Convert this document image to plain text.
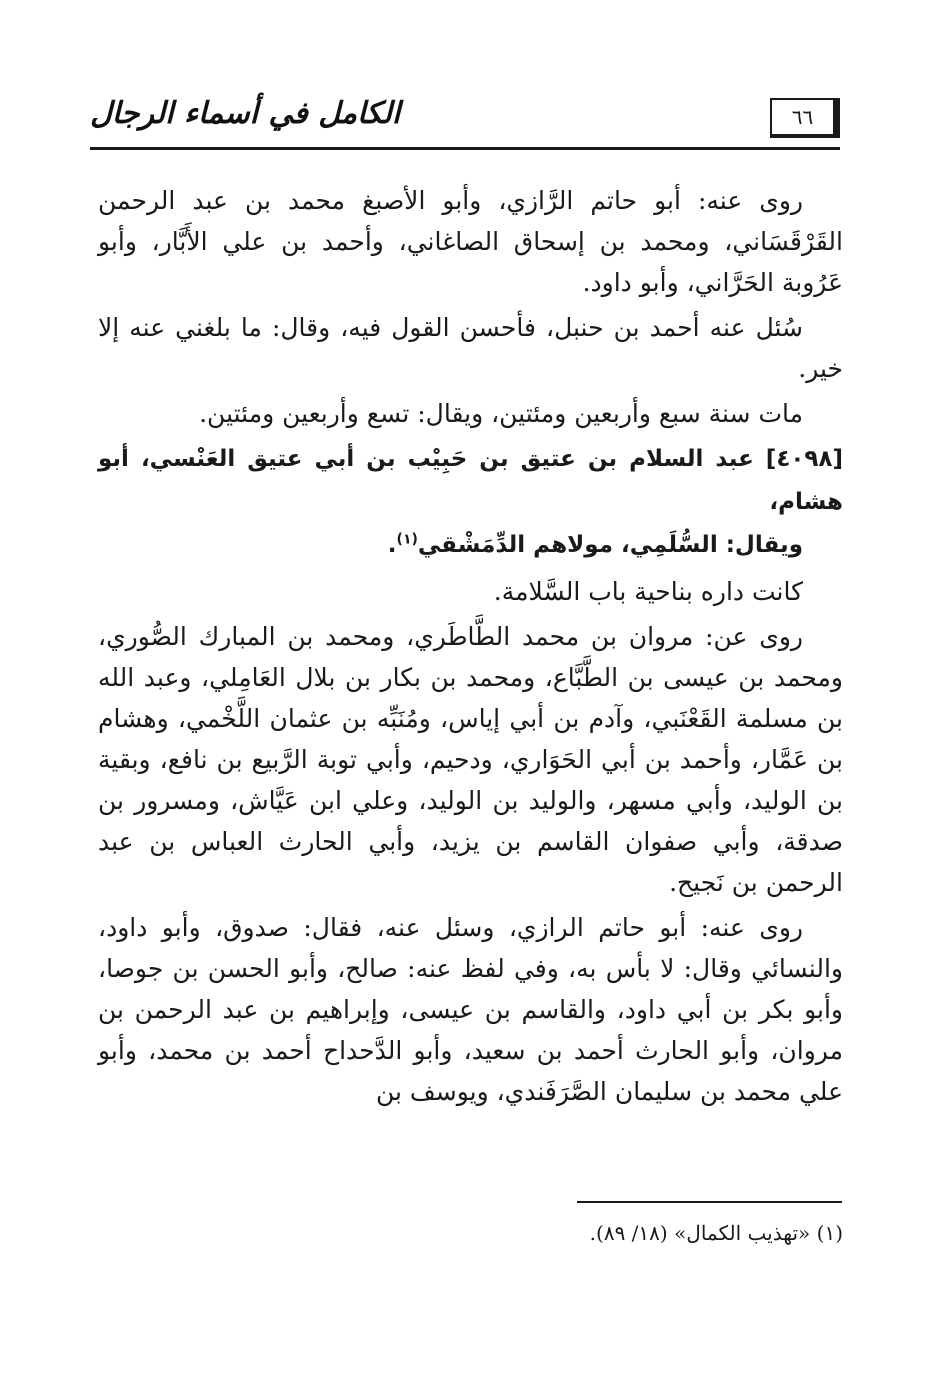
٦٦
الكامل في أسماء الرجال

روى عنه: أبو حاتم الرَّازي، وأبو الأصبغ محمد بن عبد الرحمن القَرْقَسَاني، ومحمد بن إسحاق الصاغاني، وأحمد بن علي الأَبَّار، وأبو عَرُوبة الحَرَّاني، وأبو داود.

سُئل عنه أحمد بن حنبل، فأحسن القول فيه، وقال: ما بلغني عنه إلا خير.

مات سنة سبع وأربعين ومئتين، ويقال: تسع وأربعين ومئتين.

[٤٠٩٨] عبد السلام بن عتيق بن حَبِيْب بن أبي عتيق العَنْسي، أبو هشام،
ويقال: السُّلَمِي، مولاهم الدِّمَشْقي$^{(١)}$.

كانت داره بناحية باب السَّلامة.

روى عن: مروان بن محمد الطَّاطَري، ومحمد بن المبارك الصُّوري، ومحمد بن عيسى بن الطَّبَّاع، ومحمد بن بكار بن بلال العَامِلي، وعبد الله بن مسلمة القَعْنَبي، وآدم بن أبي إياس، ومُنَبِّه بن عثمان اللَّخْمي، وهشام بن عَمَّار، وأحمد بن أبي الحَوَاري، ودحيم، وأبي توبة الرَّبيع بن نافع، وبقية بن الوليد، وأبي مسهر، والوليد بن الوليد، وعلي ابن عَيَّاش، ومسرور بن صدقة، وأبي صفوان القاسم بن يزيد، وأبي الحارث العباس بن عبد الرحمن بن نَجيح.

روى عنه: أبو حاتم الرازي، وسئل عنه، فقال: صدوق، وأبو داود، والنسائي وقال: لا بأس به، وفي لفظ عنه: صالح، وأبو الحسن بن جوصا، وأبو بكر بن أبي داود، والقاسم بن عيسى، وإبراهيم بن عبد الرحمن بن مروان، وأبو الحارث أحمد بن سعيد، وأبو الدَّحداح أحمد بن محمد، وأبو علي محمد بن سليمان الصَّرَفَندي، ويوسف بن

(١) «تهذيب الكمال» (١٨/ ٨٩).
